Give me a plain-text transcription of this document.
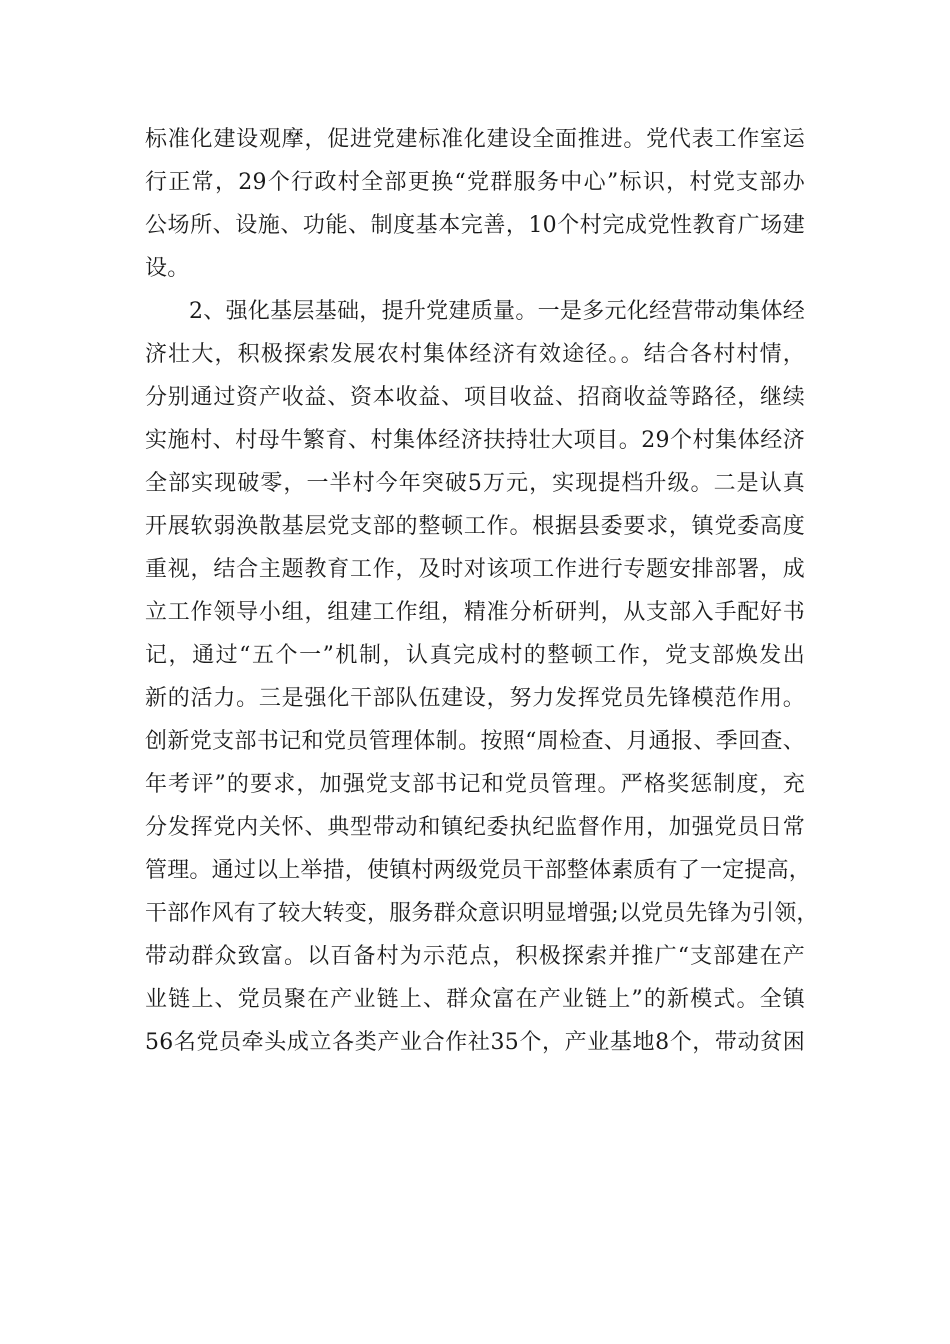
标准化建设观摩，促进党建标准化建设全面推进。党代表工作室运
行正常，29个行政村全部更换“党群服务中心”标识，村党支部办
公场所、设施、功能、制度基本完善，10个村完成党性教育广场建
设。
2、强化基层基础，提升党建质量。一是多元化经营带动集体经
济壮大，积极探索发展农村集体经济有效途径。。结合各村村情，
分别通过资产收益、资本收益、项目收益、招商收益等路径，继续
实施村、村母牛繁育、村集体经济扶持壮大项目。29个村集体经济
全部实现破零，一半村今年突破5万元，实现提档升级。二是认真
开展软弱涣散基层党支部的整顿工作。根据县委要求，镇党委高度
重视，结合主题教育工作，及时对该项工作进行专题安排部署，成
立工作领导小组，组建工作组，精准分析研判，从支部入手配好书
记，通过“五个一”机制，认真完成村的整顿工作，党支部焕发出
新的活力。三是强化干部队伍建设，努力发挥党员先锋模范作用。
创新党支部书记和党员管理体制。按照“周检查、月通报、季回查、
年考评”的要求，加强党支部书记和党员管理。严格奖惩制度，充
分发挥党内关怀、典型带动和镇纪委执纪监督作用，加强党员日常
管理。通过以上举措，使镇村两级党员干部整体素质有了一定提高，
干部作风有了较大转变，服务群众意识明显增强;以党员先锋为引领，
带动群众致富。以百备村为示范点，积极探索并推广“支部建在产
业链上、党员聚在产业链上、群众富在产业链上”的新模式。全镇
56名党员牵头成立各类产业合作社35个，产业基地8个，带动贫困
